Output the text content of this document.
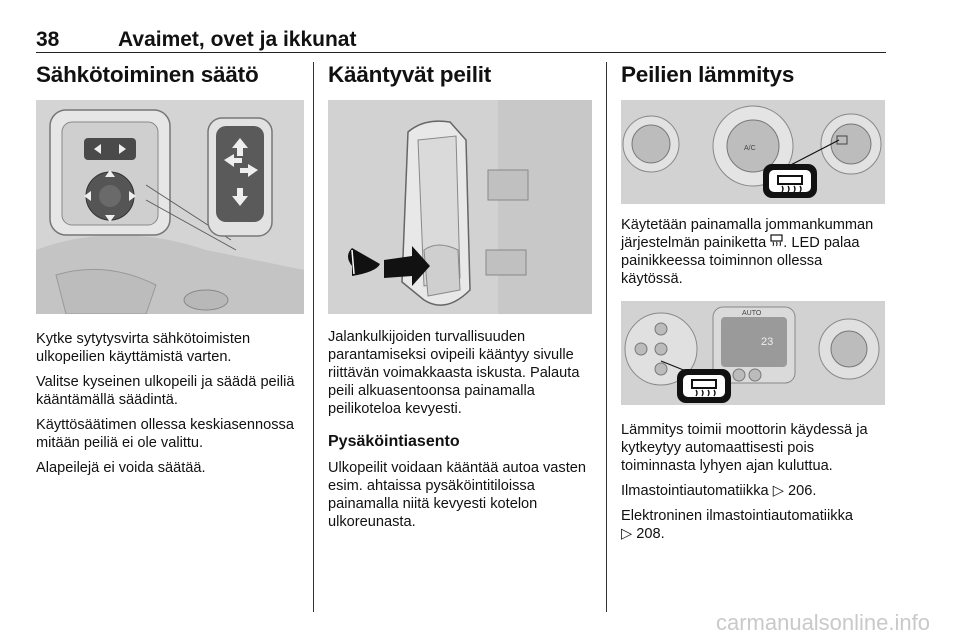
38	Avaimet, ovet ja ikkunat
Sähkötoiminen säätö

Kytke sytytysvirta sähkötoimisten ulkopeilien käyttämistä varten.

Valitse kyseinen ulkopeili ja säädä peiliä kääntämällä säädintä.

Käyttösäätimen ollessa keskiasennossa mitään peiliä ei ole valittu.

Alapeilejä ei voida säätää.

Kääntyvät peilit

Jalankulkijoiden turvallisuuden parantamiseksi ovipeili kääntyy sivulle riittävän voimakkaasta iskusta. Palauta peili alkuasentoonsa painamalla peilikoteloa kevyesti.

Pysäköintiasento

Ulkopeilit voidaan kääntää autoa vasten esim. ahtaissa pysäköintitiloissa painamalla niitä kevyesti kotelon ulkoreunasta.

Peilien lämmitys
A/C

Käytetään painamalla jommankumman järjestelmän painiketta . LED palaa painikkeessa toiminnon ollessa käytössä.

AUTO
23

Lämmitys toimii moottorin käydessä ja kytkeytyy automaattisesti pois toiminnasta lyhyen ajan kuluttua.

Ilmastointiautomatiikka ▷ 206.

Elektroninen ilmastointiautomatiikka
▷ 208.

carmanualsonline.info
